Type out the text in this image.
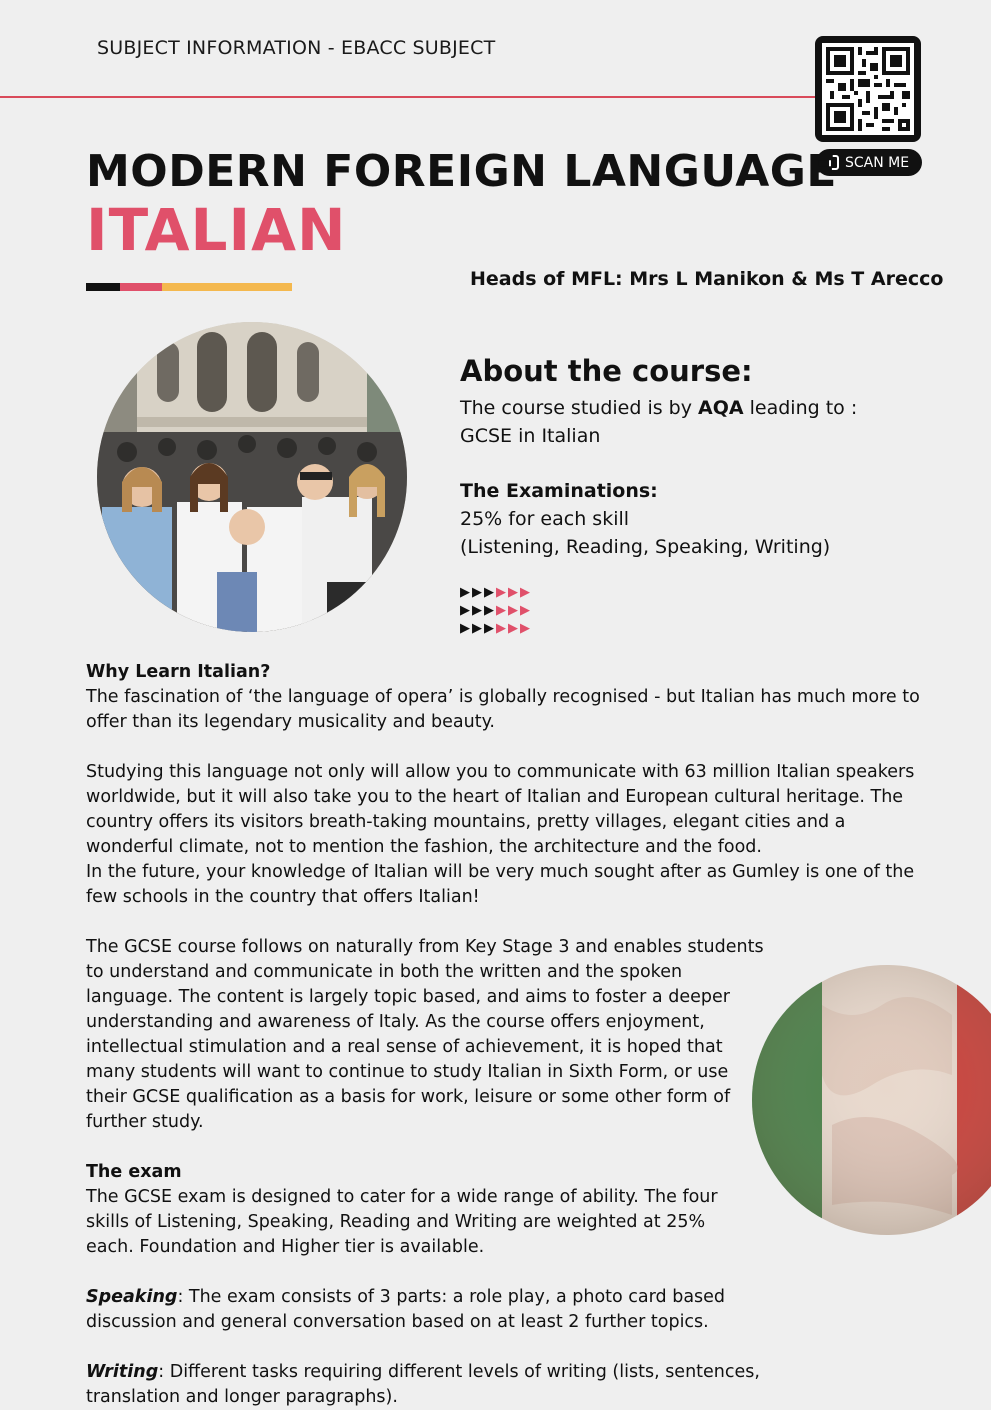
SUBJECT INFORMATION - EBACC SUBJECT
SCAN ME
MODERN FOREIGN LANGUAGE
ITALIAN
Heads of MFL: Mrs L Manikon & Ms T Arecco
About the course:

The course studied is by AQA leading to :

GCSE in Italian

The Examinations:

25% for each skill

(Listening, Reading, Speaking, Writing)

▶▶▶▶▶▶
▶▶▶▶▶▶
▶▶▶▶▶▶

Why Learn Italian?

The fascination of ‘the language of opera’ is globally recognised - but Italian has much more to offer than its legendary musicality and beauty.

Studying this language not only will allow you to communicate with 63 million Italian speakers worldwide, but it will also take you to the heart of Italian and European cultural heritage. The country offers its visitors breath-taking mountains, pretty villages, elegant cities and a wonderful climate, not to mention the fashion, the architecture and the food.

In the future, your knowledge of Italian will be very much sought after as Gumley is one of the few schools in the country that offers Italian!

The GCSE course follows on naturally from Key Stage 3 and enables students to understand and communicate in both the written and the spoken language. The content is largely topic based, and aims to foster a deeper understanding and awareness of Italy. As the course offers enjoyment, intellectual stimulation and a real sense of achievement, it is hoped that many students will want to continue to study Italian in Sixth Form, or use their GCSE qualification as a basis for work, leisure or some other form of further study.

The exam

The GCSE exam is designed to cater for a wide range of ability. The four skills of Listening, Speaking, Reading and Writing are weighted at 25% each. Foundation and Higher tier is available.

Speaking: The exam consists of 3 parts: a role play, a photo card based discussion and general conversation based on at least 2 further topics.

Writing: Different tasks requiring different levels of writing (lists, sentences, translation and longer paragraphs).
